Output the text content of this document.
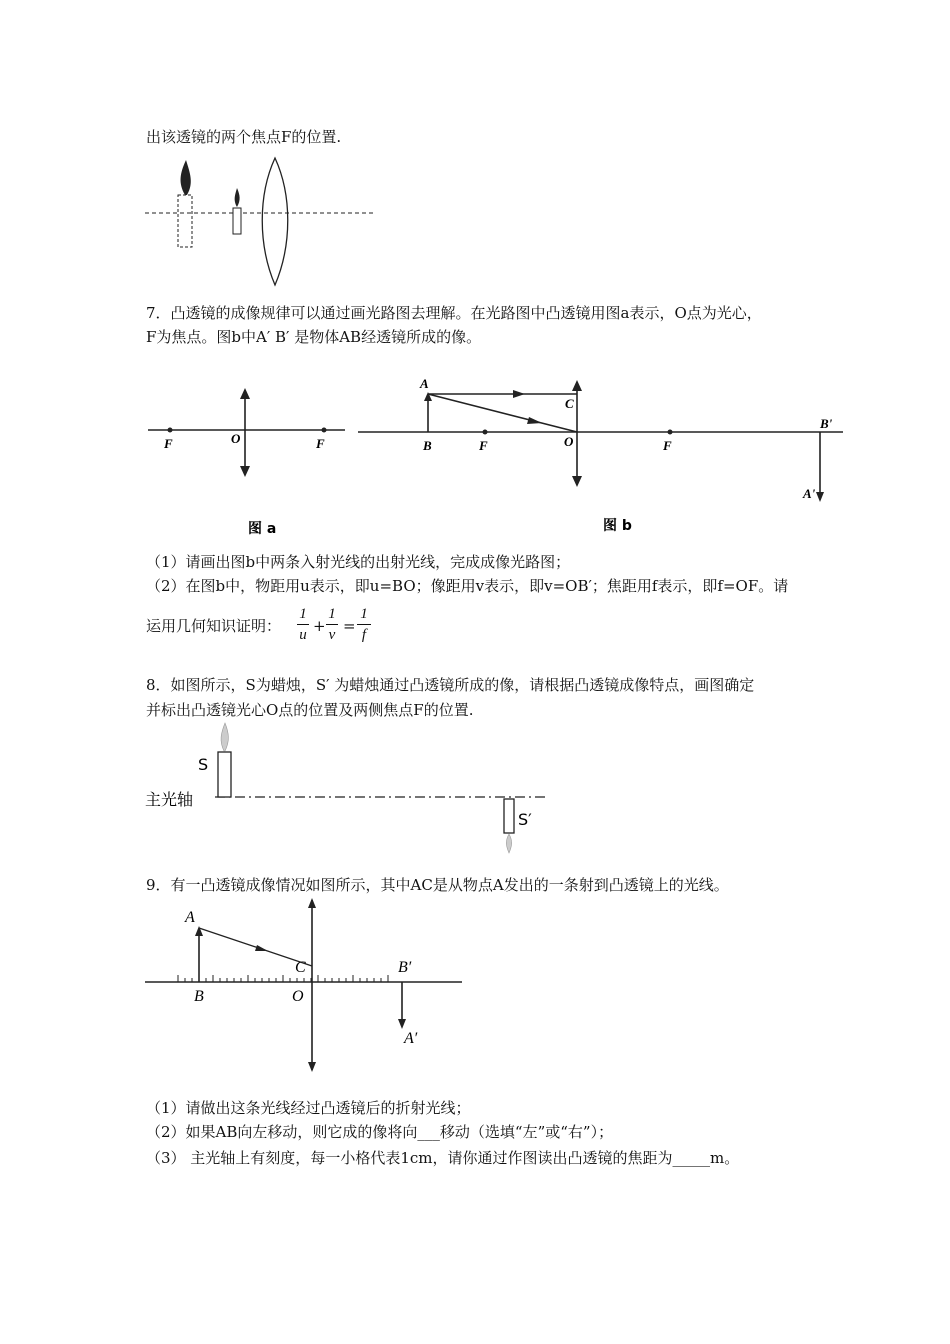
出该透镜的两个焦点F的位置.
7．凸透镜的成像规律可以通过画光路图去理解。在光路图中凸透镜用图a表示，O点为光心，
F为焦点。图b中A′ B′ 是物体AB经透镜所成的像。
F	O	F
图 a
A
C
B	F	O	F
B'
A'
图 b
（1）请画出图b中两条入射光线的出射光线，完成成像光路图；
（2）在图b中，物距用u表示，即u=BO；像距用v表示，即v=OB′；焦距用f表示，即f=OF。请
运用几何知识证明：
1
u +
1
v =
1
f
8．如图所示，S为蜡烛，S′ 为蜡烛通过凸透镜所成的像，请根据凸透镜成像特点，画图确定
并标出凸透镜光心O点的位置及两侧焦点F的位置.
S
主光轴
S′
9．有一凸透镜成像情况如图所示，其中AC是从物点A发出的一条射到凸透镜上的光线。
A
C
B	O
B′
A′
（1）请做出这条光线经过凸透镜后的折射光线；
（2）如果AB向左移动，则它成的像将向___移动（选填“左”或“右”）；
（3） 主光轴上有刻度，每一小格代表1cm，请你通过作图读出凸透镜的焦距为_____m。
